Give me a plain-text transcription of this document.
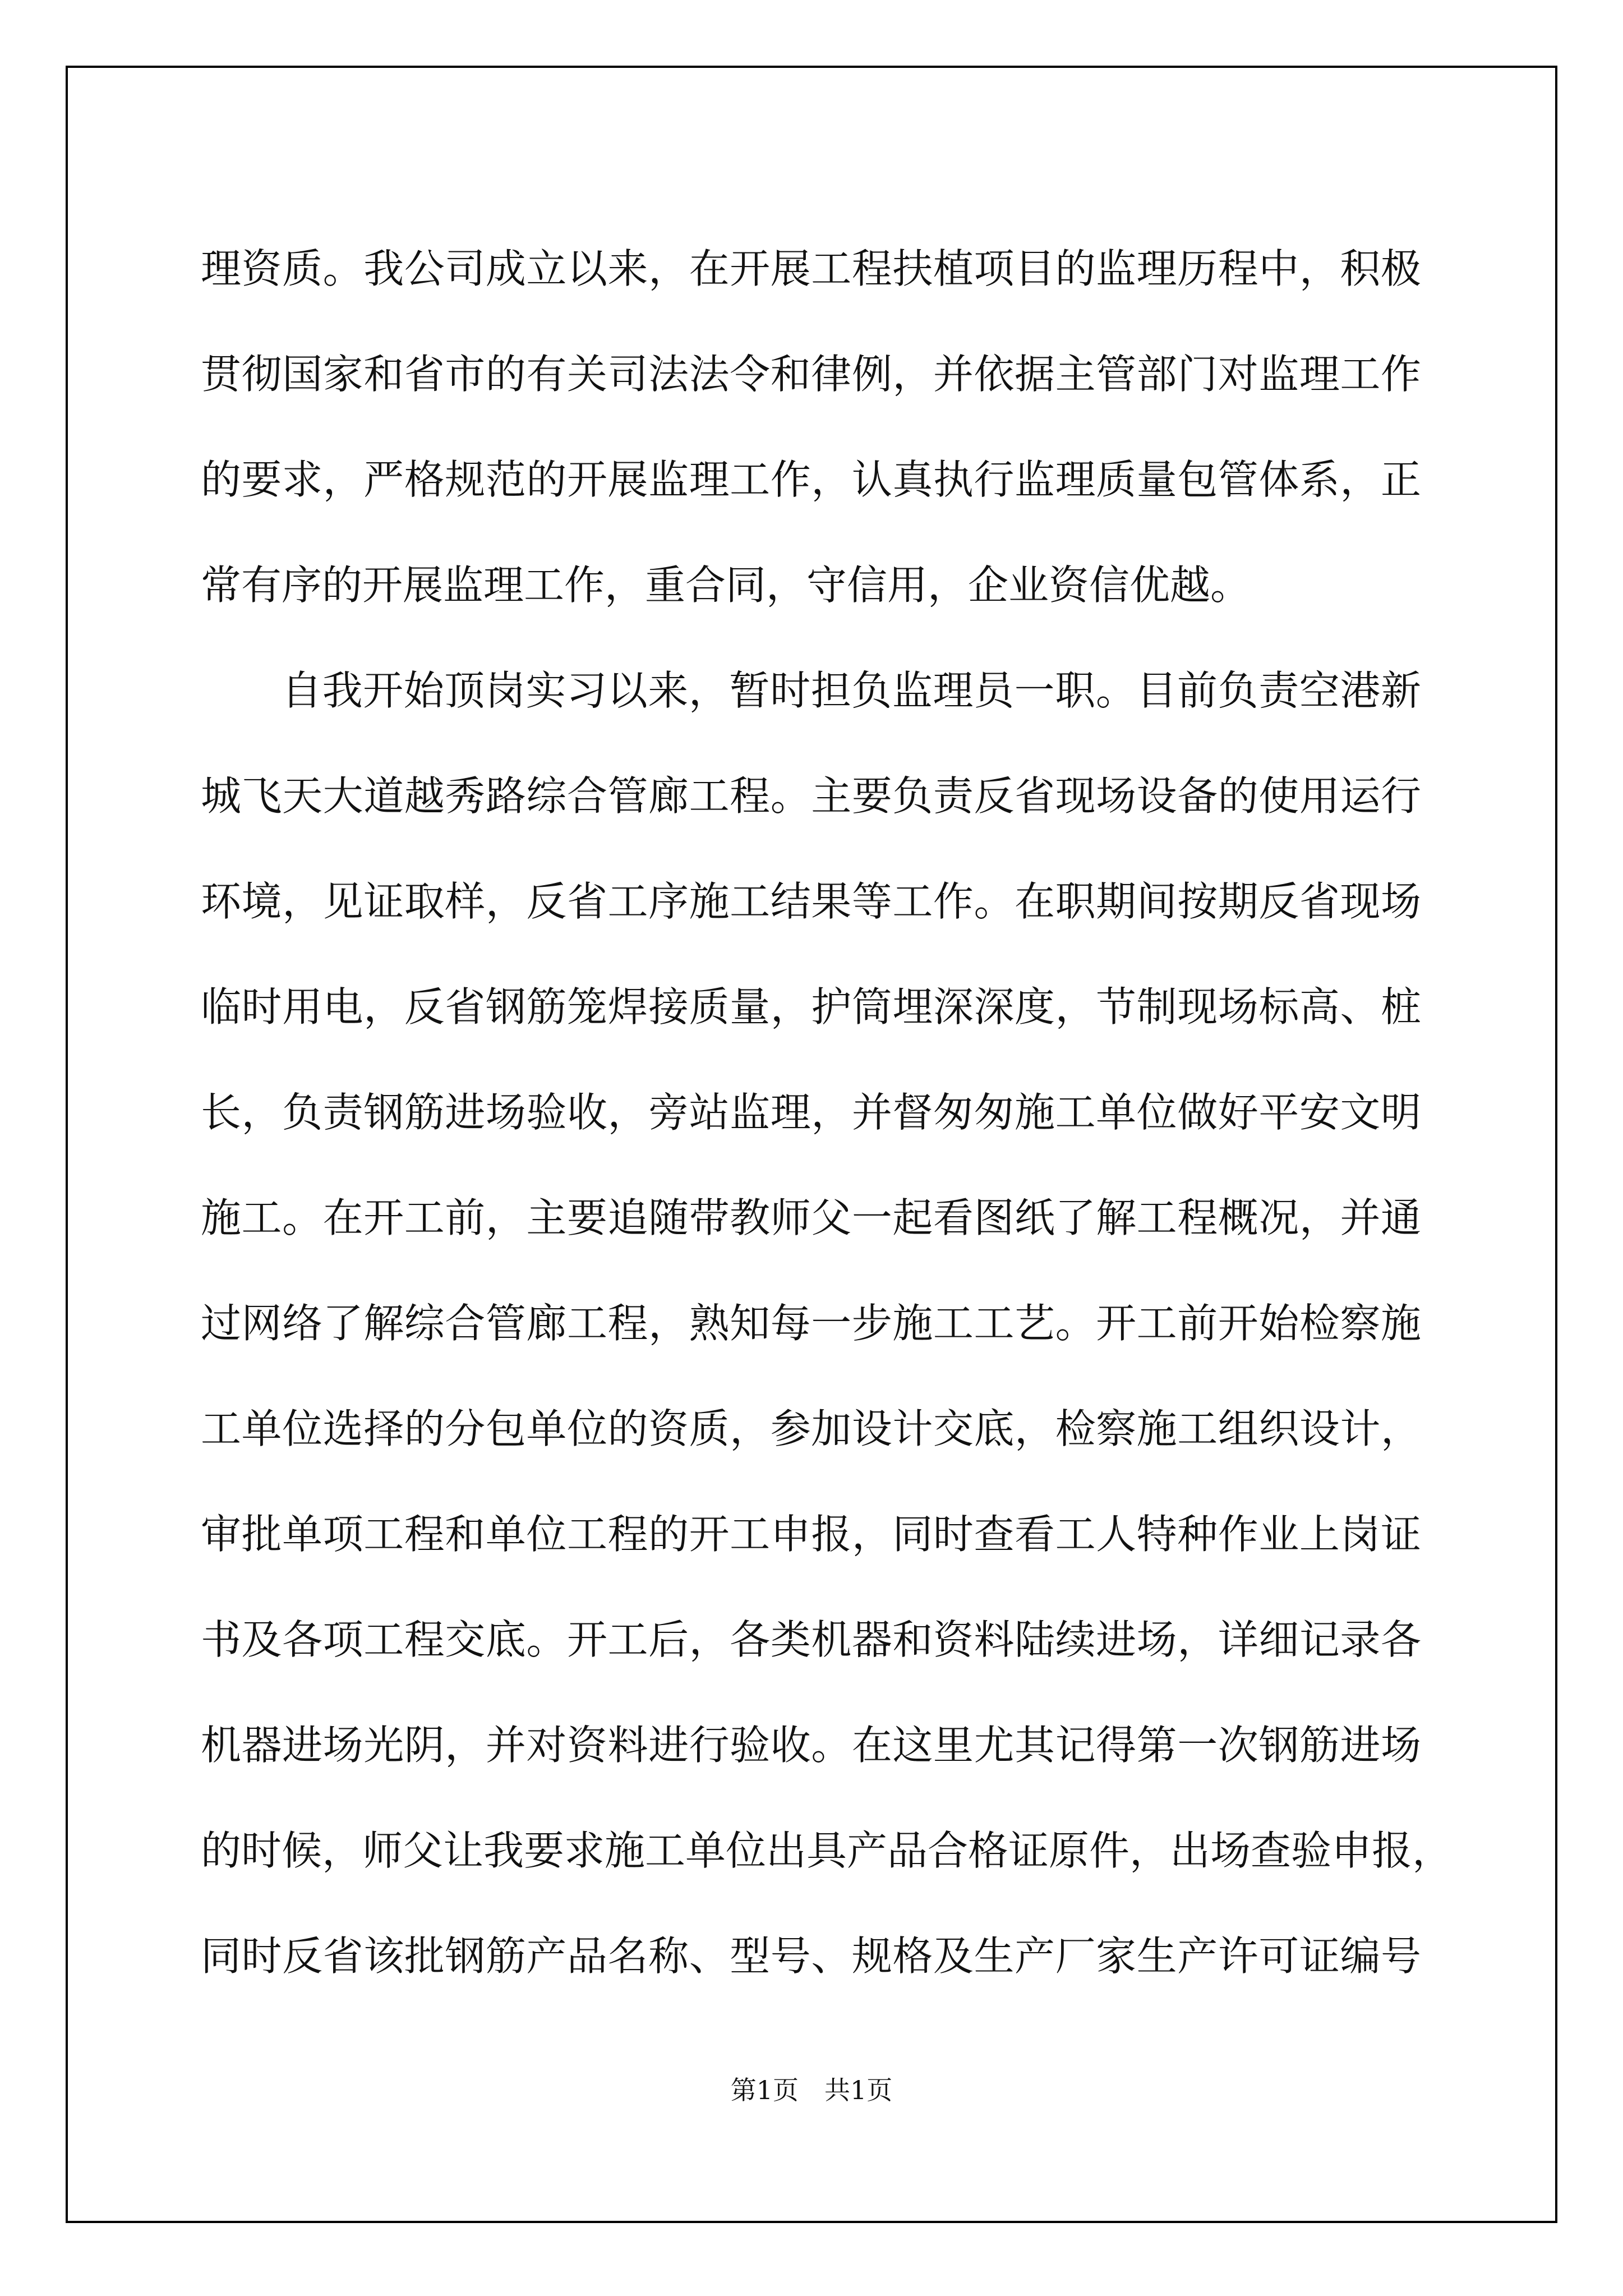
理资质。我公司成立以来，在开展工程扶植项目的监理历程中，积极
贯彻国家和省市的有关司法法令和律例，并依据主管部门对监理工作
的要求，严格规范的开展监理工作，认真执行监理质量包管体系，正
常有序的开展监理工作，重合同，守信用，企业资信优越。
自我开始顶岗实习以来，暂时担负监理员一职。目前负责空港新
城飞天大道越秀路综合管廊工程。主要负责反省现场设备的使用运行
环境，见证取样，反省工序施工结果等工作。在职期间按期反省现场
临时用电，反省钢筋笼焊接质量，护筒埋深深度，节制现场标高、桩
长，负责钢筋进场验收，旁站监理，并督匆匆施工单位做好平安文明
施工。在开工前，主要追随带教师父一起看图纸了解工程概况，并通
过网络了解综合管廊工程，熟知每一步施工工艺。开工前开始检察施
工单位选择的分包单位的资质，参加设计交底，检察施工组织设计，
审批单项工程和单位工程的开工申报，同时查看工人特种作业上岗证
书及各项工程交底。开工后，各类机器和资料陆续进场，详细记录各
机器进场光阴，并对资料进行验收。在这里尤其记得第一次钢筋进场
的时候，师父让我要求施工单位出具产品合格证原件，出场查验申报，
同时反省该批钢筋产品名称、型号、规格及生产厂家生产许可证编号
第1页　共1页
